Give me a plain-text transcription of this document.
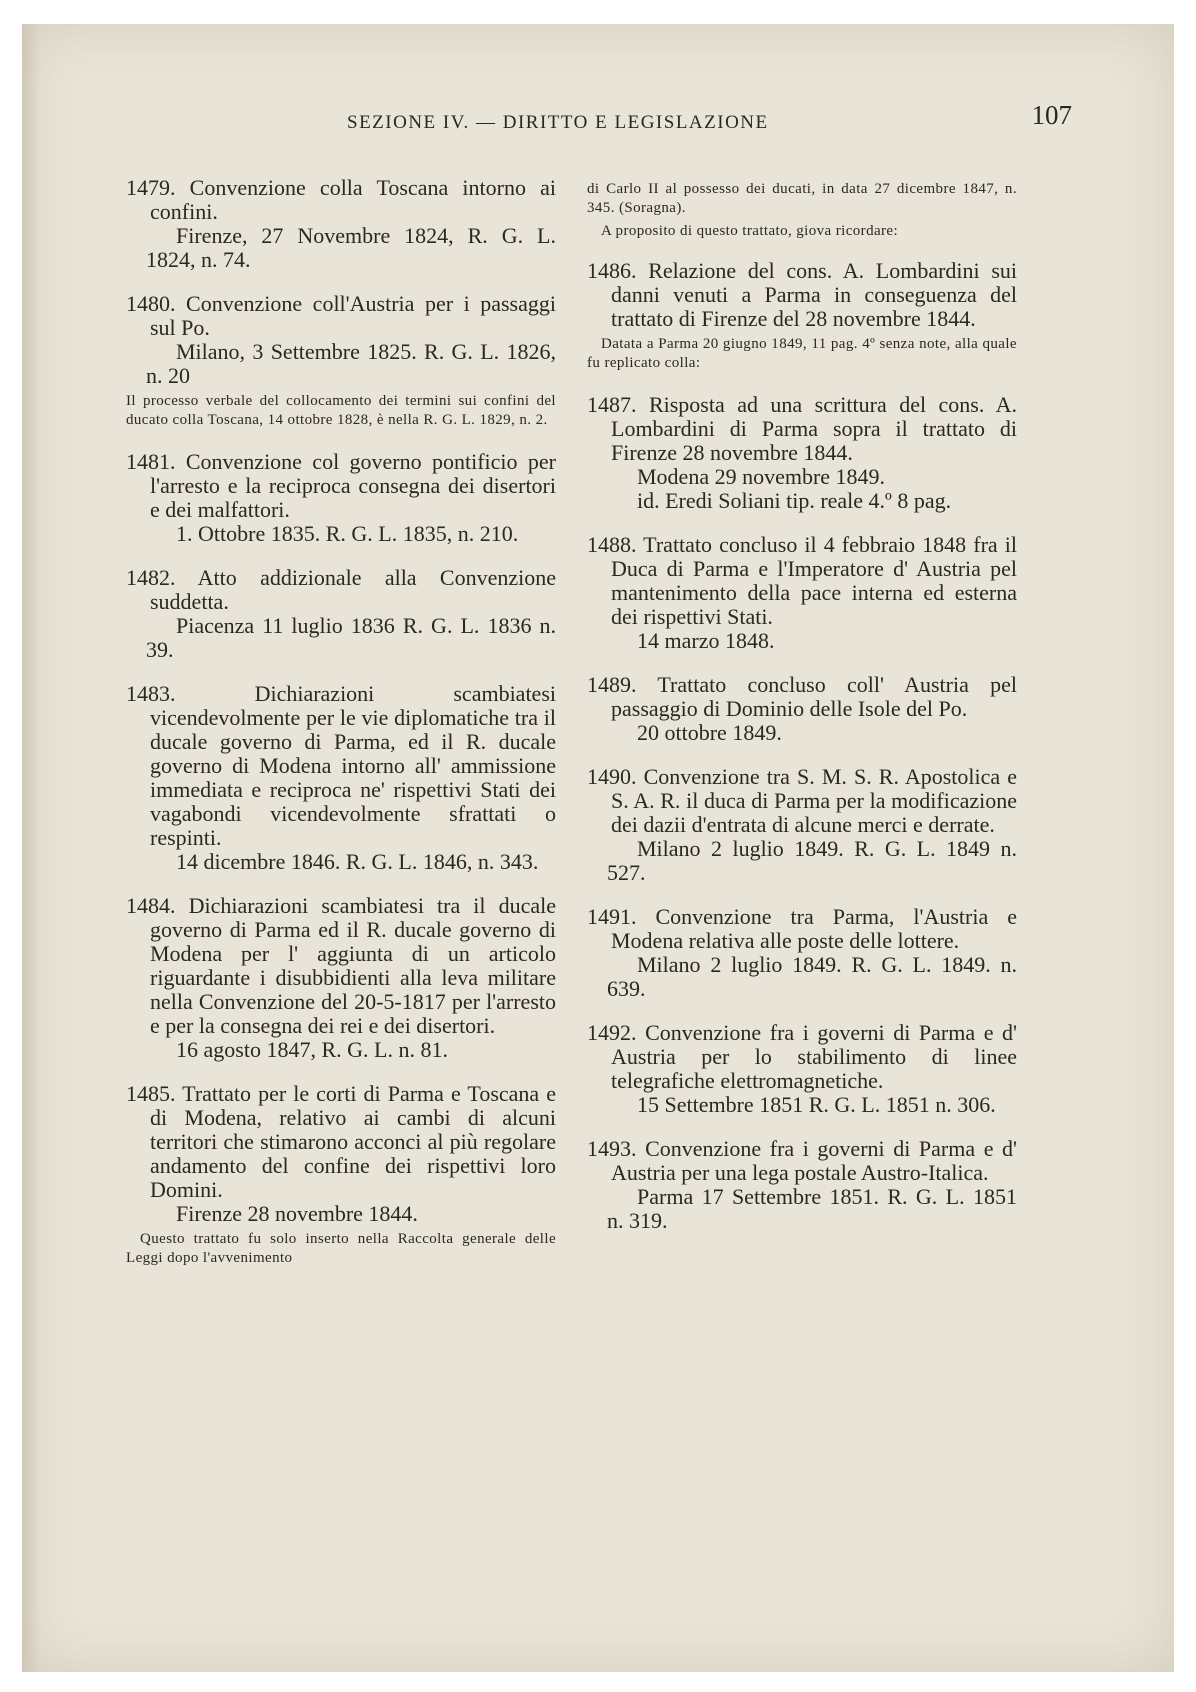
SEZIONE IV. — DIRITTO E LEGISLAZIONE	107

1479. Convenzione colla Toscana intorno ai confini.

Firenze, 27 Novembre 1824, R. G. L. 1824, n. 74.

1480. Convenzione coll'Austria per i passaggi sul Po.

Milano, 3 Settembre 1825. R. G. L. 1826, n. 20

Il processo verbale del collocamento dei termini sui confini del ducato colla Toscana, 14 ottobre 1828, è nella R. G. L. 1829, n. 2.

1481. Convenzione col governo pontificio per l'arresto e la reciproca consegna dei disertori e dei malfattori.

1. Ottobre 1835. R. G. L. 1835, n. 210.

1482. Atto addizionale alla Convenzione suddetta.

Piacenza 11 luglio 1836 R. G. L. 1836 n. 39.

1483. Dichiarazioni scambiatesi vicendevolmente per le vie diplomatiche tra il ducale governo di Parma, ed il R. ducale governo di Modena intorno all' ammissione immediata e reciproca ne' rispettivi Stati dei vagabondi vicendevolmente sfrattati o respinti.

14 dicembre 1846. R. G. L. 1846, n. 343.

1484. Dichiarazioni scambiatesi tra il ducale governo di Parma ed il R. ducale governo di Modena per l' aggiunta di un articolo riguardante i disubbidienti alla leva militare nella Convenzione del 20-5-1817 per l'arresto e per la consegna dei rei e dei disertori.

16 agosto 1847, R. G. L. n. 81.

1485. Trattato per le corti di Parma e Toscana e di Modena, relativo ai cambi di alcuni territori che stimarono acconci al più regolare andamento del confine dei rispettivi loro Domini.

Firenze 28 novembre 1844.

Questo trattato fu solo inserto nella Raccolta generale delle Leggi dopo l'avvenimento

di Carlo II al possesso dei ducati, in data 27 dicembre 1847, n. 345. (Soragna).

A proposito di questo trattato, giova ricordare:

1486. Relazione del cons. A. Lombardini sui danni venuti a Parma in conseguenza del trattato di Firenze del 28 novembre 1844.

Datata a Parma 20 giugno 1849, 11 pag. 4º senza note, alla quale fu replicato colla:

1487. Risposta ad una scrittura del cons. A. Lombardini di Parma sopra il trattato di Firenze 28 novembre 1844.

Modena 29 novembre 1849.

id. Eredi Soliani tip. reale 4.º 8 pag.

1488. Trattato concluso il 4 febbraio 1848 fra il Duca di Parma e l'Imperatore d' Austria pel mantenimento della pace interna ed esterna dei rispettivi Stati.

14 marzo 1848.

1489. Trattato concluso coll' Austria pel passaggio di Dominio delle Isole del Po.

20 ottobre 1849.

1490. Convenzione tra S. M. S. R. Apostolica e S. A. R. il duca di Parma per la modificazione dei dazii d'entrata di alcune merci e derrate.

Milano 2 luglio 1849. R. G. L. 1849 n. 527.

1491. Convenzione tra Parma, l'Austria e Modena relativa alle poste delle lottere.

Milano 2 luglio 1849. R. G. L. 1849. n. 639.

1492. Convenzione fra i governi di Parma e d' Austria per lo stabilimento di linee telegrafiche elettromagnetiche.

15 Settembre 1851 R. G. L. 1851 n. 306.

1493. Convenzione fra i governi di Parma e d' Austria per una lega postale Austro-Italica.

Parma 17 Settembre 1851. R. G. L. 1851 n. 319.
